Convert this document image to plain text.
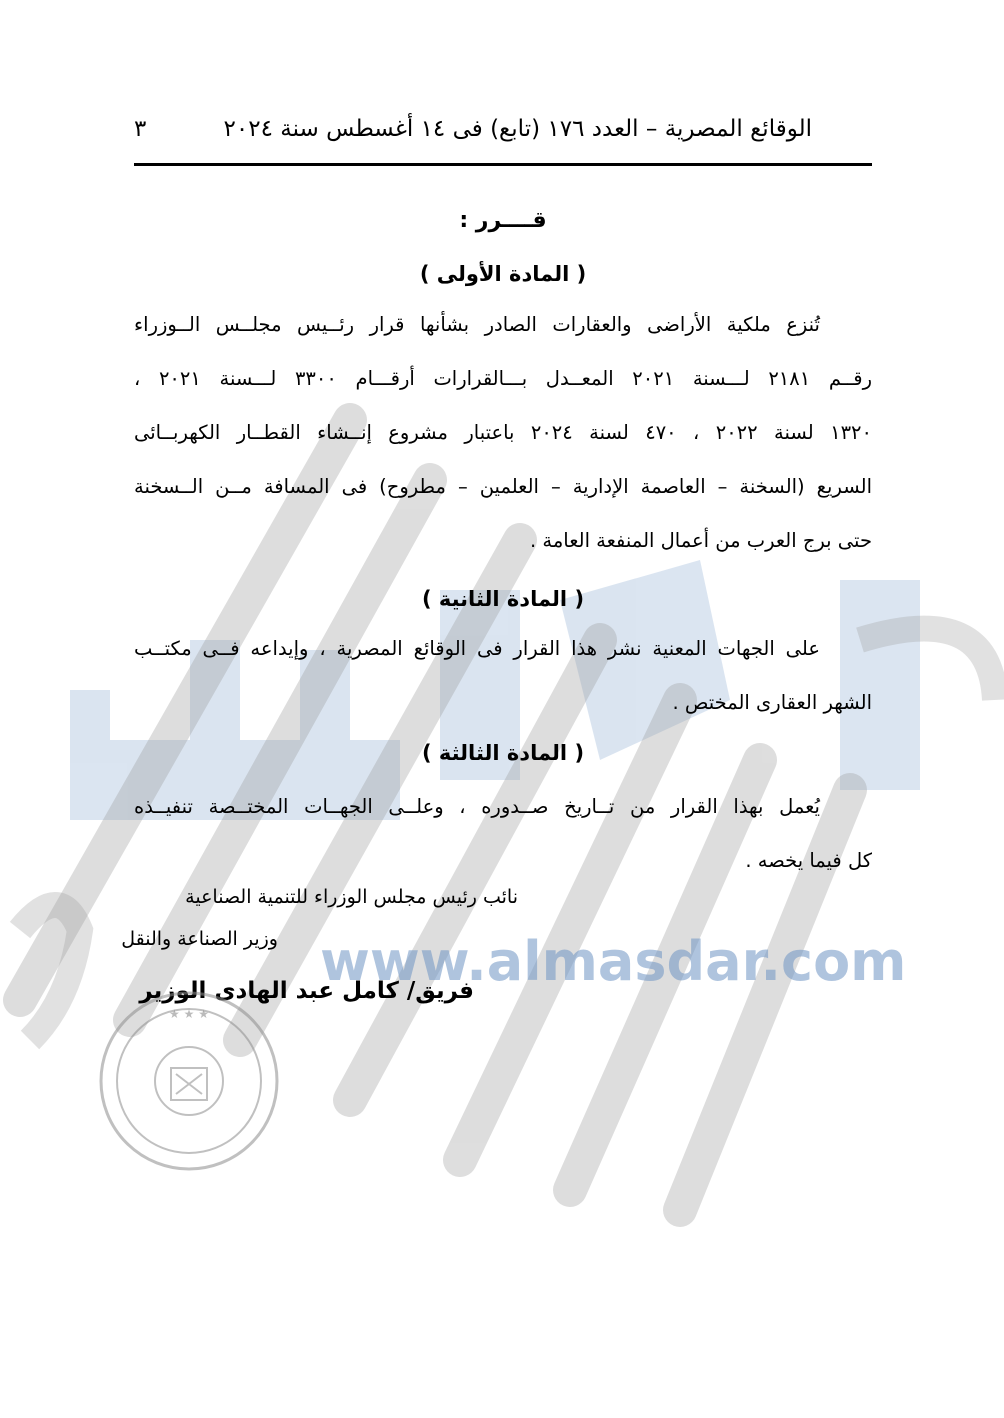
www.almasdar.com
الوقائع المصرية – العدد ١٧٦ (تابع) فى ١٤ أغسطس سنة ٢٠٢٤
٣
قــــرر :
( المادة الأولى )
تُنزع ملكية الأراضى والعقارات الصادر بشأنها قرار رئــيس مجلــس الــوزراء
رقــم ٢١٨١ لـــسنة ٢٠٢١ المعــدل بـــالقرارات أرقـــام ٣٣٠٠ لـــسنة ٢٠٢١ ،
١٣٢٠ لسنة ٢٠٢٢ ، ٤٧٠ لسنة ٢٠٢٤ باعتبار مشروع إنــشاء القطــار الكهربــائى
السريع (السخنة – العاصمة الإدارية – العلمين – مطروح) فى المسافة مــن الــسخنة
حتى برج العرب من أعمال المنفعة العامة .
( المادة الثانية )
على الجهات المعنية نشر هذا القرار فى الوقائع المصرية ، وإيداعه فــى مكتــب
الشهر العقارى المختص .
( المادة الثالثة )
يُعمل بهذا القرار من تــاريخ صــدوره ، وعلــى الجهــات المختــصة تنفيــذه
كل فيما يخصه .
نائب رئيس مجلس الوزراء للتنمية الصناعية
وزير الصناعة والنقل
فريق/ كامل عبد الهادى الوزير
★ ★ ★
